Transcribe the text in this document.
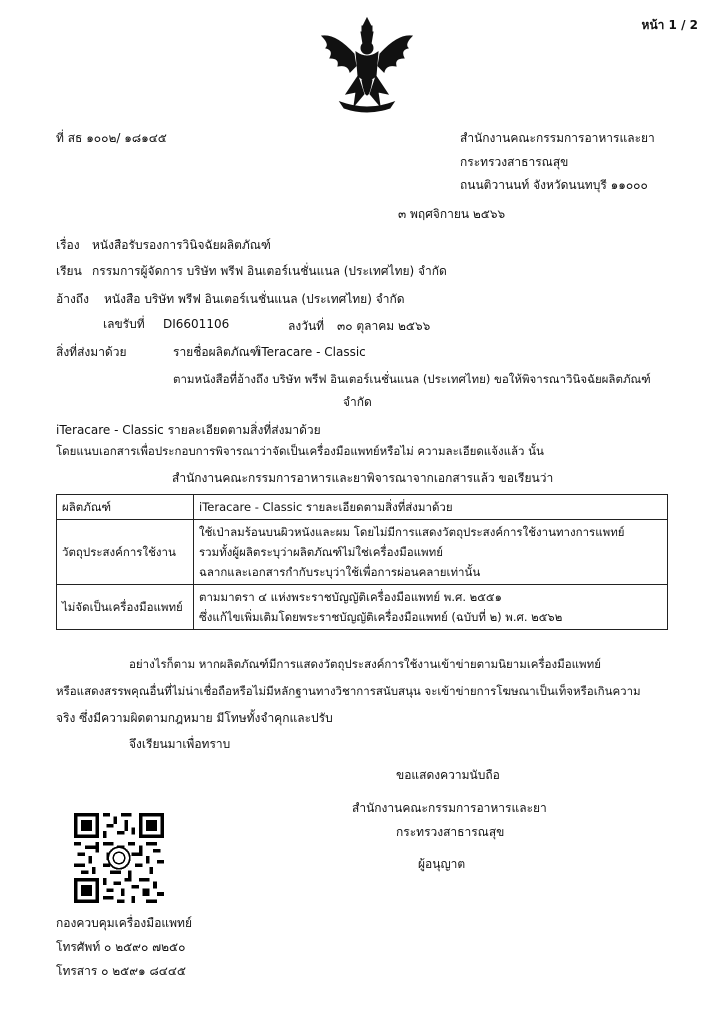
หน้า 1 / 2
ที่ สธ ๑๐๐๒/ ๑๘๑๔๕	สำนักงานคณะกรรมการอาหารและยา
กระทรวงสาธารณสุข
ถนนติวานนท์ จังหวัดนนทบุรี ๑๑๐๐๐
๓ พฤศจิกายน ๒๕๖๖
เรื่อง หนังสือรับรองการวินิจฉัยผลิตภัณฑ์
เรียน กรรมการผู้จัดการ บริษัท พรีฟ อินเตอร์เนชั่นแนล (ประเทศไทย) จำกัด
อ้างถึง หนังสือ บริษัท พรีฟ อินเตอร์เนชั่นแนล (ประเทศไทย) จำกัด
เลขรับที่ DI6601106	ลงวันที่ ๓๐ ตุลาคม ๒๕๖๖
สิ่งที่ส่งมาด้วย	รายชื่อผลิตภัณฑ์
iTeracare - Classic
ตามหนังสือที่อ้างถึง บริษัท พรีฟ อินเตอร์เนชั่นแนล (ประเทศไทย) ขอให้พิจารณาวินิจฉัยผลิตภัณฑ์
จำกัด
iTeracare - Classic รายละเอียดตามสิ่งที่ส่งมาด้วย
โดยแนบเอกสารเพื่อประกอบการพิจารณาว่าจัดเป็นเครื่องมือแพทย์หรือไม่ ความละเอียดแจ้งแล้ว นั้น
สำนักงานคณะกรรมการอาหารและยาพิจารณาจากเอกสารแล้ว ขอเรียนว่า
ผลิตภัณฑ์	iTeracare - Classic รายละเอียดตามสิ่งที่ส่งมาด้วย

วัตถุประสงค์การใช้งาน	ใช้เป่าลมร้อนบนผิวหนังและผม โดยไม่มีการแสดงวัตถุประสงค์การใช้งานทางการแพทย์
รวมทั้งผู้ผลิตระบุว่าผลิตภัณฑ์ไม่ใช่เครื่องมือแพทย์
ฉลากและเอกสารกำกับระบุว่าใช้เพื่อการผ่อนคลายเท่านั้น

ไม่จัดเป็นเครื่องมือแพทย์	ตามมาตรา ๔ แห่งพระราชบัญญัติเครื่องมือแพทย์ พ.ศ. ๒๕๕๑
ซึ่งแก้ไขเพิ่มเติมโดยพระราชบัญญัติเครื่องมือแพทย์ (ฉบับที่ ๒) พ.ศ. ๒๕๖๒
อย่างไรก็ตาม หากผลิตภัณฑ์มีการแสดงวัตถุประสงค์การใช้งานเข้าข่ายตามนิยามเครื่องมือแพทย์
หรือแสดงสรรพคุณอื่นที่ไม่น่าเชื่อถือหรือไม่มีหลักฐานทางวิชาการสนับสนุน จะเข้าข่ายการโฆษณาเป็นเท็จหรือเกินความ
จริง ซึ่งมีความผิดตามกฎหมาย มีโทษทั้งจำคุกและปรับ
จึงเรียนมาเพื่อทราบ
ขอแสดงความนับถือ
สำนักงานคณะกรรมการอาหารและยา
กระทรวงสาธารณสุข
ผู้อนุญาต
กองควบคุมเครื่องมือแพทย์
โทรศัพท์ ๐ ๒๕๙๐ ๗๒๕๐
โทรสาร ๐ ๒๕๙๑ ๘๔๔๕
